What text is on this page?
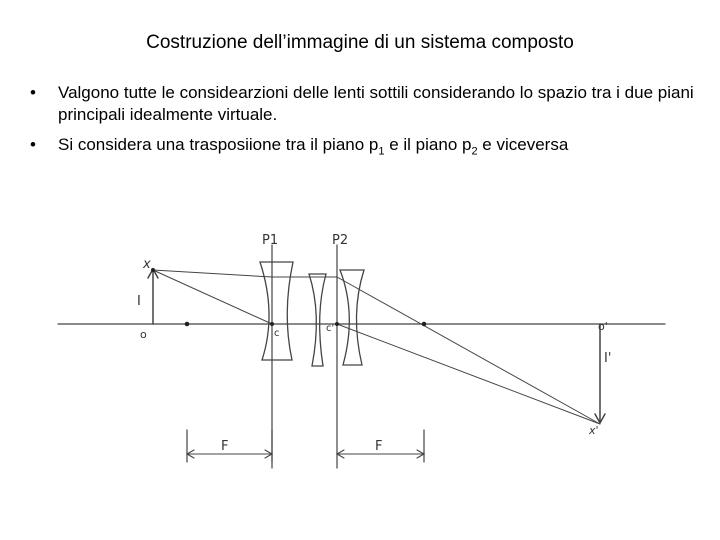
Costruzione dell’immagine di un sistema composto
• Valgono tutte le considearzioni delle lenti sottili considerando lo spazio tra i due piani principali idealmente virtuale.
• Si considera una trasposiione tra il piano $p_1$ e il piano $p_2$ e viceversa
P1	P2
x
I
o	c	c'	o'
I'
x'
F	F
